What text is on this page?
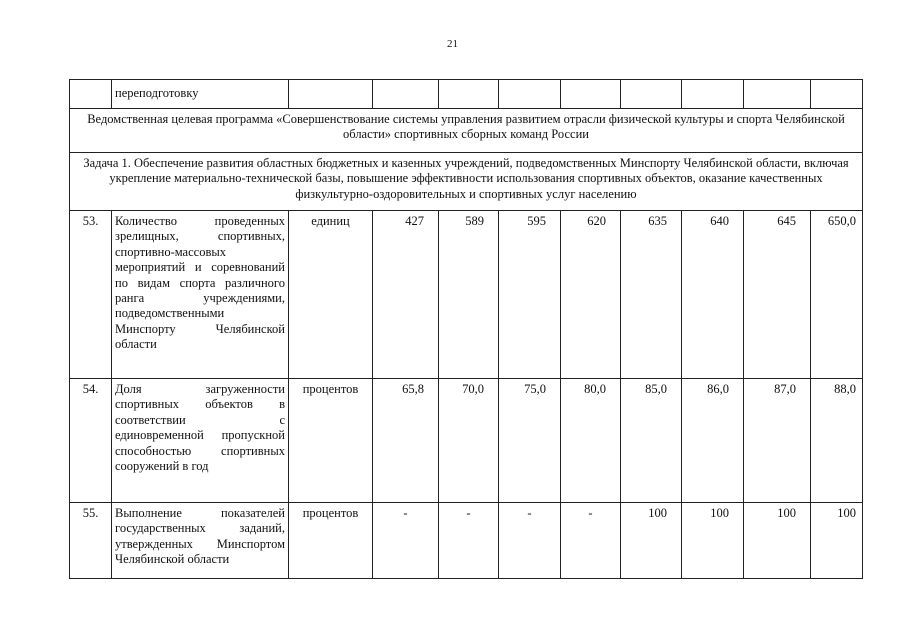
21
	переподготовку									
Ведомственная целевая программа «Совершенствование системы управления развитием отрасли физической культуры и спорта Челябинской области» спортивных сборных команд России										
Задача 1. Обеспечение развития областных бюджетных и казенных учреждений, подведомственных Минспорту Челябинской области, включая укрепление материально-технической базы, повышение эффективности использования спортивных объектов, оказание качественных физкультурно-оздоровительных и спортивных услуг населению										
53.	Количество проведенных зрелищных, спортивных, спортивно-массовых мероприятий и соревнований по видам спорта различного ранга учреждениями, подведомственными Минспорту Челябинской области	единиц	427	589	595	620	635	640	645	650,0
54.	Доля загруженности спортивных объектов в соответствии с единовременной пропускной способностью спортивных сооружений в год	процентов	65,8	70,0	75,0	80,0	85,0	86,0	87,0	88,0
55.	Выполнение показателей государственных заданий, утвержденных Минспортом Челябинской области	процентов	-	-	-	-	100	100	100	100
